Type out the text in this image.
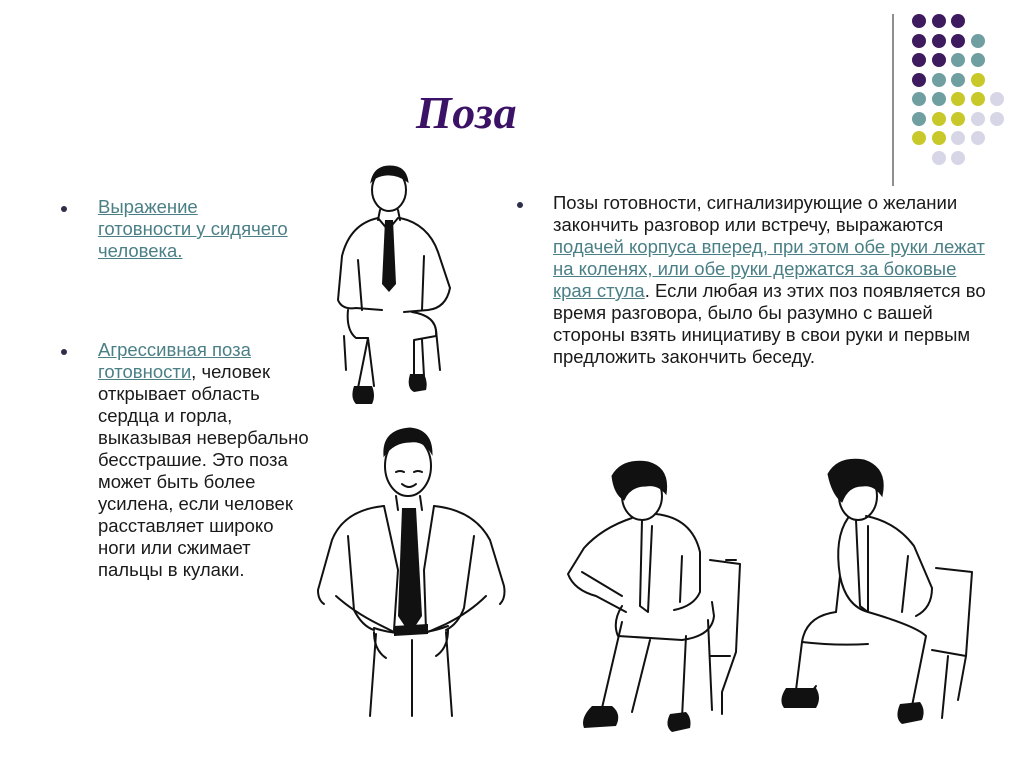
Поза
Выражение готовности у сидячего человека.
Агрессивная поза готовности, человек открывает область сердца и горла, выказывая невербально бесстрашие. Это поза может быть более усилена, если человек расставляет широко ноги или сжимает пальцы в кулаки.
Позы готовности, сигнализирующие о желании закончить разговор или встречу, выражаются подачей корпуса вперед, при этом обе руки лежат на коленях, или обе руки держатся за боковые края стула. Если любая из этих поз появляется во время разговора, было бы разумно с вашей стороны взять инициативу в свои руки и первым предложить закончить беседу.
